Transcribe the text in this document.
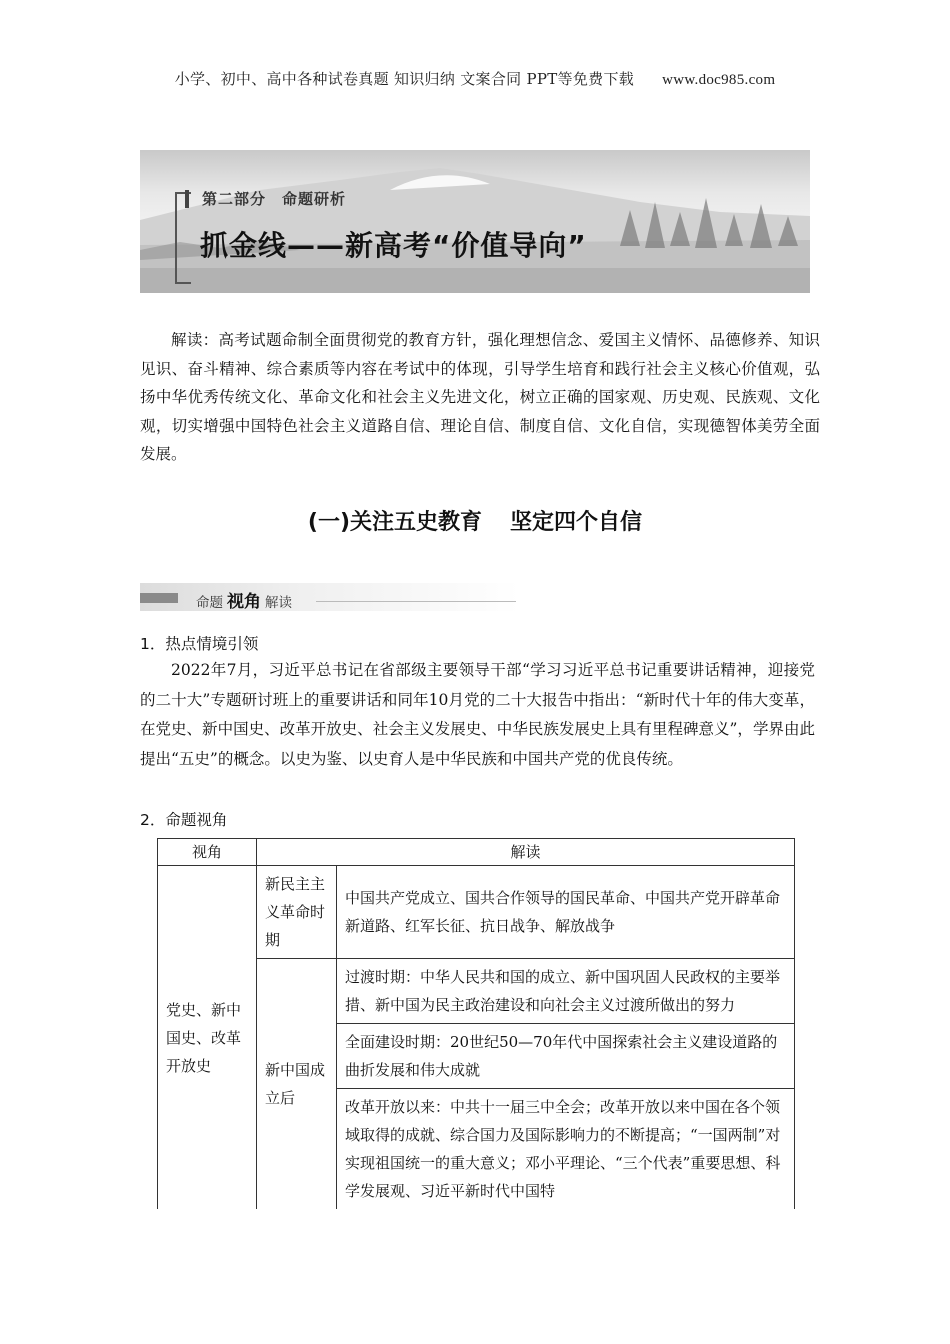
小学、初中、高中各种试卷真题 知识归纳 文案合同 PPT等免费下载 www.doc985.com
第二部分 命题研析
抓金线——新高考“价值导向”
解读：高考试题命制全面贯彻党的教育方针，强化理想信念、爱国主义情怀、品德修养、知识见识、奋斗精神、综合素质等内容在考试中的体现，引导学生培育和践行社会主义核心价值观，弘扬中华优秀传统文化、革命文化和社会主义先进文化，树立正确的国家观、历史观、民族观、文化观，切实增强中国特色社会主义道路自信、理论自信、制度自信、文化自信，实现德智体美劳全面发展。
(一)关注五史教育 坚定四个自信
命题 视角 解读
1．热点情境引领
2022年7月，习近平总书记在省部级主要领导干部“学习习近平总书记重要讲话精神，迎接党的二十大”专题研讨班上的重要讲话和同年10月党的二十大报告中指出：“新时代十年的伟大变革，在党史、新中国史、改革开放史、社会主义发展史、中华民族发展史上具有里程碑意义”，学界由此提出“五史”的概念。以史为鉴、以史育人是中华民族和中国共产党的优良传统。
2．命题视角
视角	解读	
党史、新中国史、改革开放史	新民主主义革命时期	中国共产党成立、国共合作领导的国民革命、中国共产党开辟革命新道路、红军长征、抗日战争、解放战争
	新中国成立后	过渡时期：中华人民共和国的成立、新中国巩固人民政权的主要举措、新中国为民主政治建设和向社会主义过渡所做出的努力
		全面建设时期：20世纪50—70年代中国探索社会主义建设道路的曲折发展和伟大成就
		改革开放以来：中共十一届三中全会；改革开放以来中国在各个领域取得的成就、综合国力及国际影响力的不断提高；“一国两制”对实现祖国统一的重大意义；邓小平理论、“三个代表”重要思想、科学发展观、习近平新时代中国特
